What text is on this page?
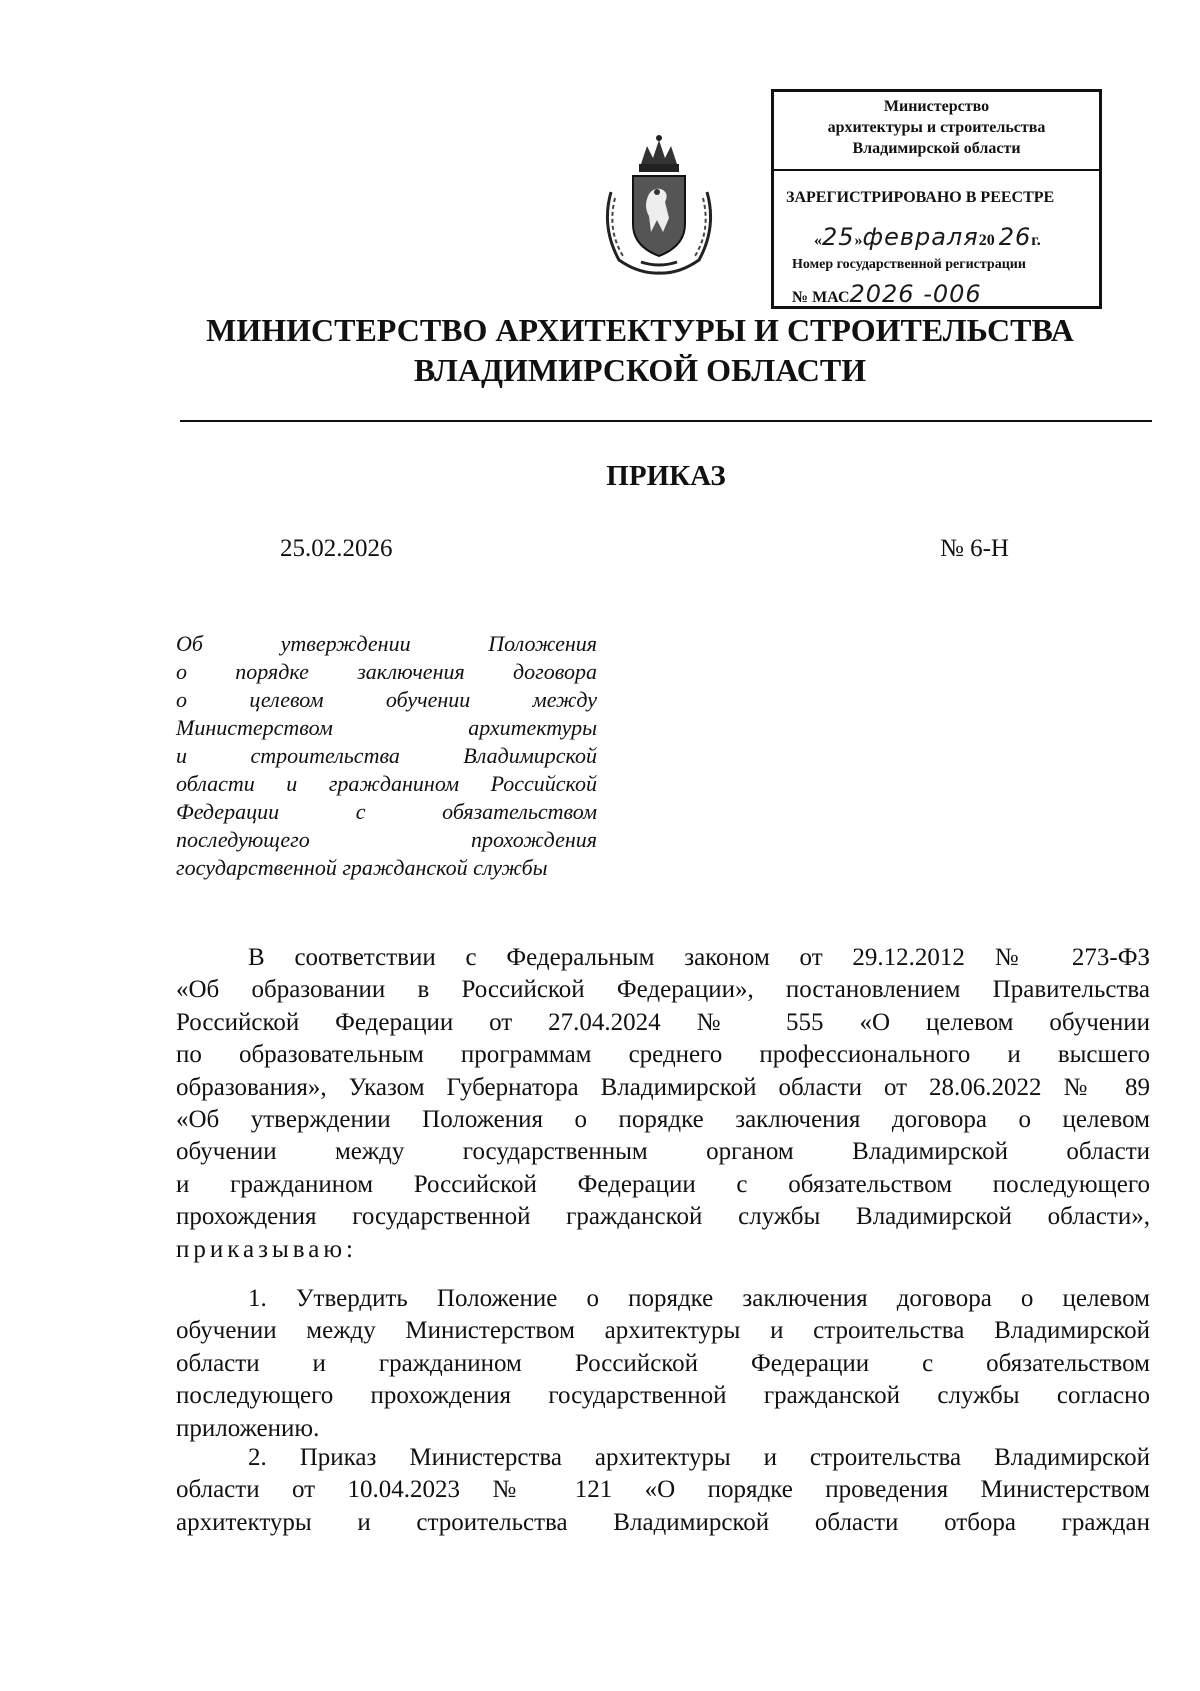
Министерство
архитектуры и строительства
Владимирской области
ЗАРЕГИСТРИРОВАНО В РЕЕСТРЕ
«25»февраля20 26г.
Номер государственной регистрации
№ МАС2026 -006
МИНИСТЕРСТВО АРХИТЕКТУРЫ И СТРОИТЕЛЬСТВА
ВЛАДИМИРСКОЙ ОБЛАСТИ
ПРИКАЗ
25.02.2026	№ 6-Н
Об утверждении Положения
о порядке заключения договора
о целевом обучении между
Министерством архитектуры
и строительства Владимирской
области и гражданином Российской
Федерации с обязательством
последующего прохождения
государственной гражданской службы
В соответствии с Федеральным законом от 29.12.2012 № 273-ФЗ
«Об образовании в Российской Федерации», постановлением Правительства
Российской Федерации от 27.04.2024 № 555 «О целевом обучении
по образовательным программам среднего профессионального и высшего
образования», Указом Губернатора Владимирской области от 28.06.2022 № 89
«Об утверждении Положения о порядке заключения договора о целевом
обучении между государственным органом Владимирской области
и гражданином Российской Федерации с обязательством последующего
прохождения государственной гражданской службы Владимирской области»,
приказываю:
1. Утвердить Положение о порядке заключения договора о целевом
обучении между Министерством архитектуры и строительства Владимирской
области и гражданином Российской Федерации с обязательством
последующего прохождения государственной гражданской службы согласно
приложению.
2. Приказ Министерства архитектуры и строительства Владимирской
области от 10.04.2023 № 121 «О порядке проведения Министерством
архитектуры и строительства Владимирской области отбора граждан
